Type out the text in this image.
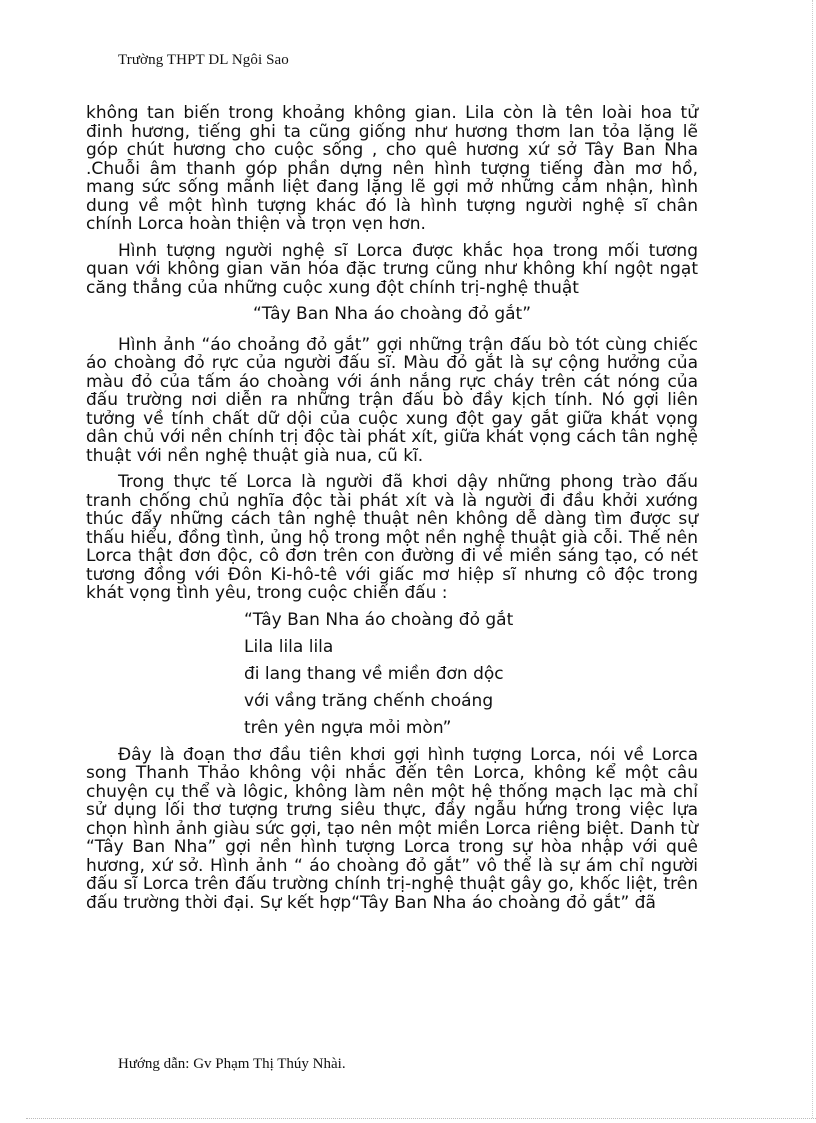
Trường THPT DL Ngôi Sao

không tan biến trong khoảng không gian. Lila còn là tên loài hoa tử đinh hương, tiếng ghi ta cũng giống như hương thơm lan tỏa lặng lẽ góp chút hương cho cuộc sống , cho quê hương xứ sở Tây Ban Nha .Chuỗi âm thanh góp phần dựng nên hình tượng tiếng đàn mơ hồ, mang sức sống mãnh liệt đang lặng lẽ gợi mở những cảm nhận, hình dung về một hình tượng khác đó là hình tượng người nghệ sĩ chân chính Lorca hoàn thiện và trọn vẹn hơn.

Hình tượng người nghệ sĩ Lorca được khắc họa trong mối tương quan với không gian văn hóa đặc trưng cũng như không khí ngột ngạt căng thẳng của những cuộc xung đột chính trị-nghệ thuật

“Tây Ban Nha áo choàng đỏ gắt”

Hình ảnh “áo choảng đỏ gắt” gợi những trận đấu bò tót cùng chiếc áo choàng đỏ rực của người đấu sĩ. Màu đỏ gắt là sự cộng hưởng của màu đỏ của tấm áo choàng với ánh nắng rực cháy trên cát nóng của đấu trường nơi diễn ra những trận đấu bò đầy kịch tính. Nó gợi liên tưởng về tính chất dữ dội của cuộc xung đột gay gắt giữa khát vọng dân chủ với nền chính trị độc tài phát xít, giữa khát vọng cách tân nghệ thuật với nền nghệ thuật già nua, cũ kĩ.

Trong thực tế Lorca là người đã khơi dậy những phong trào đấu tranh chống chủ nghĩa độc tài phát xít và là người đi đầu khởi xướng thúc đẩy những cách tân nghệ thuật nên không dễ dàng tìm được sự thấu hiểu, đồng tình, ủng hộ trong một nền nghệ thuật già cỗi. Thế nên Lorca thật đơn độc, cô đơn trên con đường đi về miền sáng tạo, có nét tương đồng với Đôn Ki-hô-tê với giấc mơ hiệp sĩ nhưng cô độc trong khát vọng tình yêu, trong cuộc chiến đấu :

“Tây Ban Nha áo choàng đỏ gắt
Lila lila lila
đi lang thang về miền đơn dộc
với vầng trăng chếnh choáng
trên yên ngựa mỏi mòn”

Đây là đoạn thơ đầu tiên khơi gợi hình tượng Lorca, nói về Lorca song Thanh Thảo không vội nhắc đến tên Lorca, không kể một câu chuyện cụ thể và lôgic, không làm nên một hệ thống mạch lạc mà chỉ sử dụng lối thơ tượng trưng siêu thực, đầy ngẫu hứng trong việc lựa chọn hình ảnh giàu sức gợi, tạo nên một miền Lorca riêng biệt. Danh từ “Tây Ban Nha” gợi nền hình tượng Lorca trong sự hòa nhập với quê hương, xứ sở. Hình ảnh “ áo choàng đỏ gắt” vô thể là sự ám chỉ người đấu sĩ Lorca trên đấu trường chính trị-nghệ thuật gây go, khốc liệt, trên đấu trường thời đại. Sự kết hợp“Tây Ban Nha áo choàng đỏ gắt” đã

Hướng dẫn: Gv Phạm Thị Thúy Nhài.
